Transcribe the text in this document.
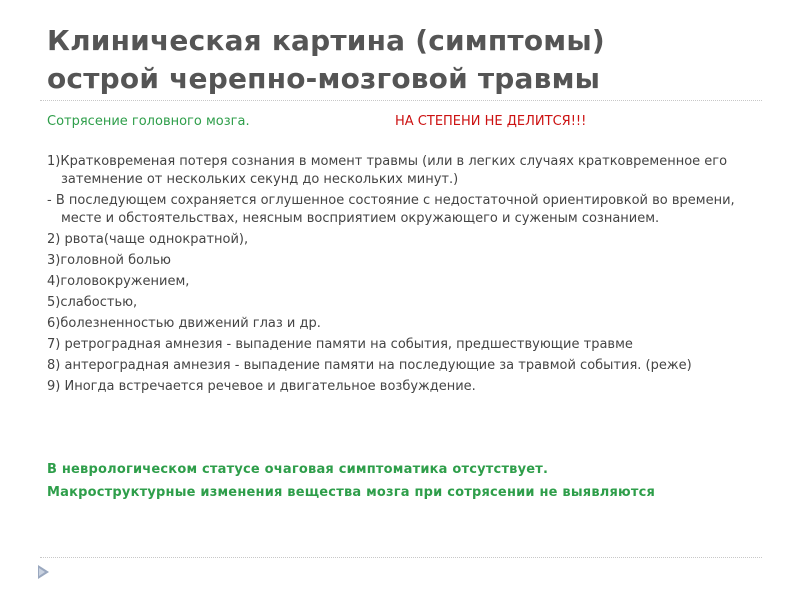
Клиническая картина (симптомы)
острой черепно-мозговой травмы
Сотрясение головного мозга.	НА СТЕПЕНИ НЕ ДЕЛИТСЯ!!!
1)Кратковременая потеря сознания в момент травмы (или в легких случаях кратковременное его затемнение от нескольких секунд до нескольких минут.)
- В последующем сохраняется оглушенное состояние с недостаточной ориентировкой во времени, месте и обстоятельствах, неясным восприятием окружающего и суженым сознанием.
2) рвота(чаще однократной),
3)головной болью
4)головокружением,
5)слабостью,
6)болезненностью движений глаз и др.
7) ретроградная амнезия - выпадение памяти на события, предшествующие травме
8) антероградная амнезия - выпадение памяти на последующие за травмой события. (реже)
9) Иногда встречается речевое и двигательное возбуждение.
В неврологическом статусе очаговая симптоматика отсутствует.
Макроструктурные изменения вещества мозга при сотрясении не выявляются
